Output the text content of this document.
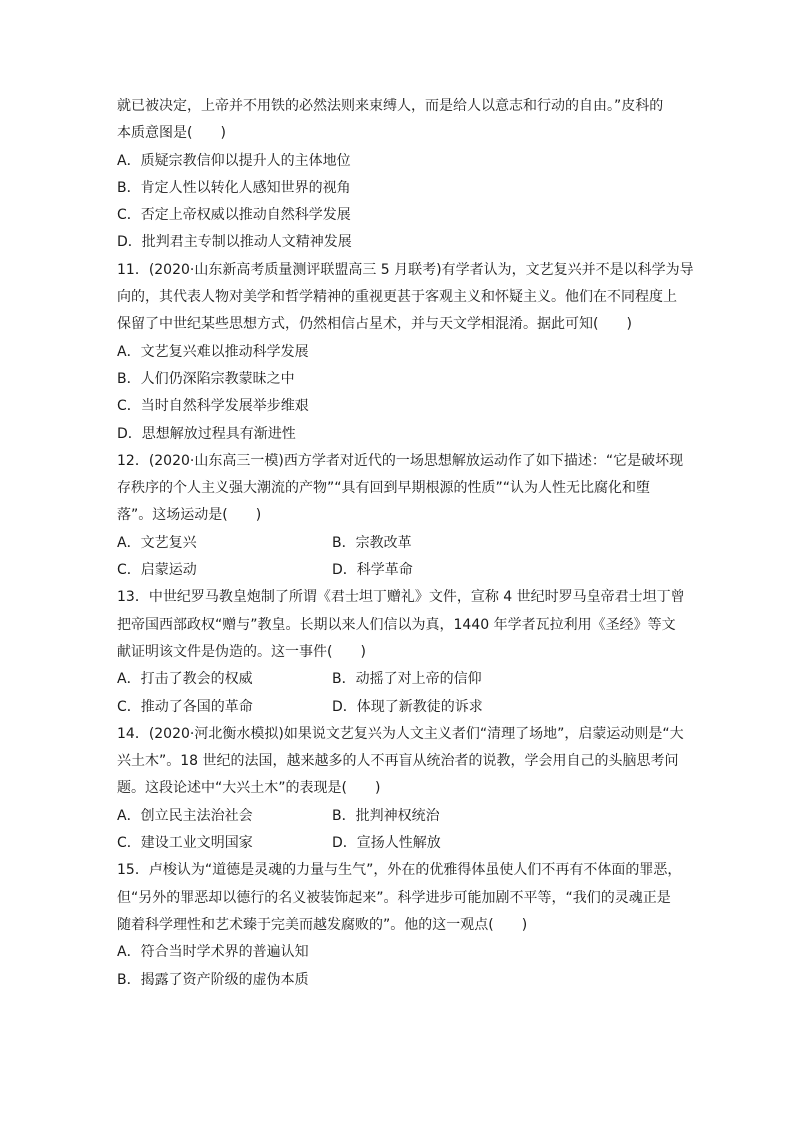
就已被决定，上帝并不用铁的必然法则来束缚人，而是给人以意志和行动的自由。”皮科的
本质意图是(　　)
A．质疑宗教信仰以提升人的主体地位
B．肯定人性以转化人感知世界的视角
C．否定上帝权威以推动自然科学发展
D．批判君主专制以推动人文精神发展
11．(2020·山东新高考质量测评联盟高三 5 月联考)有学者认为，文艺复兴并不是以科学为导
向的，其代表人物对美学和哲学精神的重视更甚于客观主义和怀疑主义。他们在不同程度上
保留了中世纪某些思想方式，仍然相信占星术，并与天文学相混淆。据此可知(　　)
A．文艺复兴难以推动科学发展
B．人们仍深陷宗教蒙昧之中
C．当时自然科学发展举步维艰
D．思想解放过程具有渐进性
12．(2020·山东高三一模)西方学者对近代的一场思想解放运动作了如下描述：“它是破坏现
存秩序的个人主义强大潮流的产物”“具有回到早期根源的性质”“认为人性无比腐化和堕
落”。这场运动是(　　)
A．文艺复兴	B．宗教改革
C．启蒙运动	D．科学革命
13．中世纪罗马教皇炮制了所谓《君士坦丁赠礼》文件，宣称 4 世纪时罗马皇帝君士坦丁曾
把帝国西部政权“赠与”教皇。长期以来人们信以为真，1440 年学者瓦拉利用《圣经》等文
献证明该文件是伪造的。这一事件(　　)
A．打击了教会的权威	B．动摇了对上帝的信仰
C．推动了各国的革命	D．体现了新教徒的诉求
14．(2020·河北衡水模拟)如果说文艺复兴为人文主义者们“清理了场地”，启蒙运动则是“大
兴土木”。18 世纪的法国，越来越多的人不再盲从统治者的说教，学会用自己的头脑思考问
题。这段论述中“大兴土木”的表现是(　　)
A．创立民主法治社会	B．批判神权统治
C．建设工业文明国家	D．宣扬人性解放
15．卢梭认为“道德是灵魂的力量与生气”，外在的优雅得体虽使人们不再有不体面的罪恶，
但“另外的罪恶却以德行的名义被装饰起来”。科学进步可能加剧不平等，“我们的灵魂正是
随着科学理性和艺术臻于完美而越发腐败的”。他的这一观点(　　)
A．符合当时学术界的普遍认知
B．揭露了资产阶级的虚伪本质
